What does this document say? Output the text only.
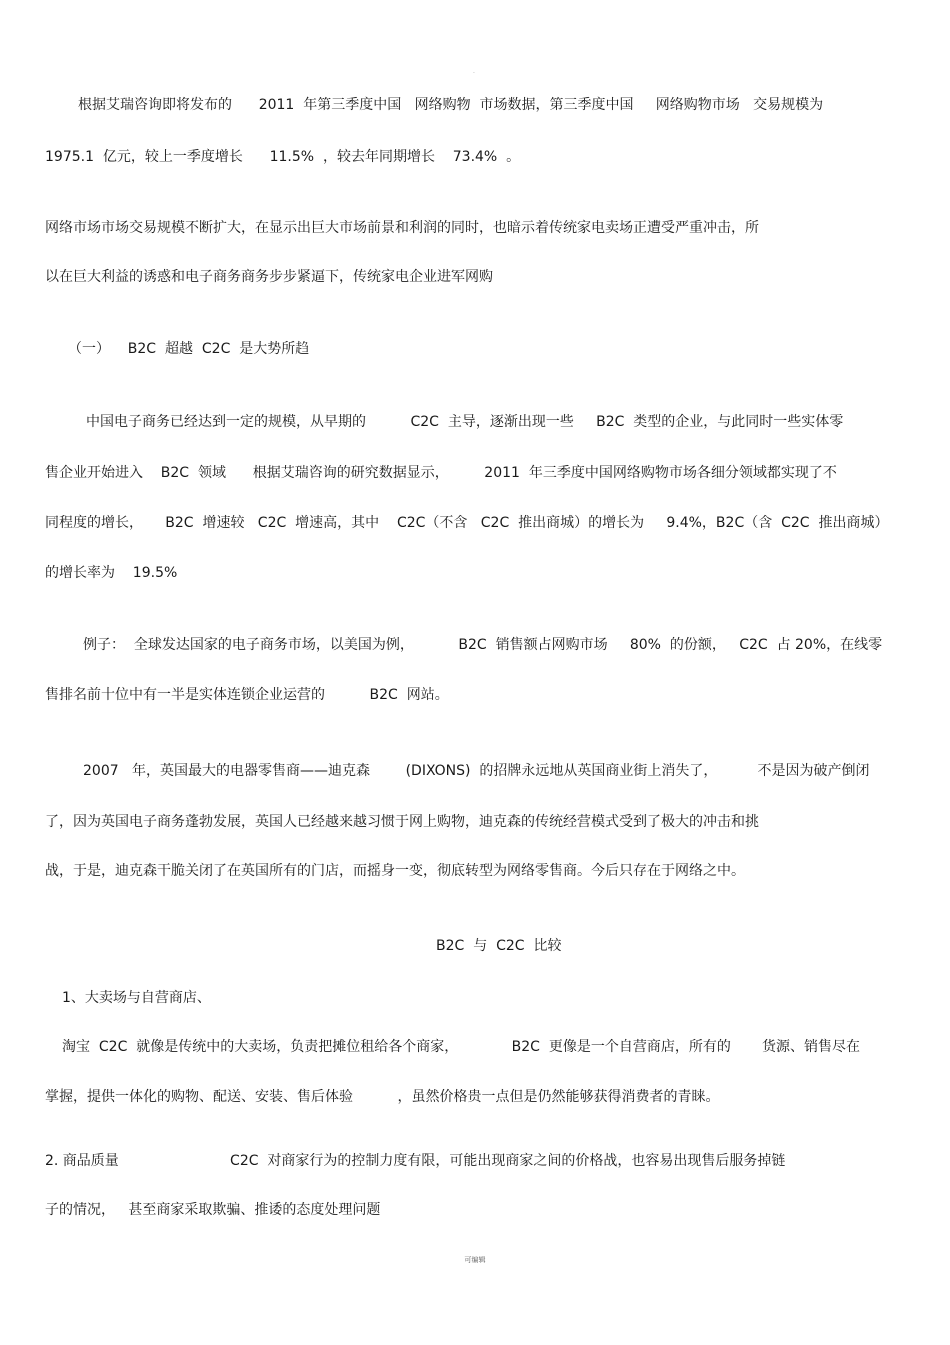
·
根据艾瑞咨询即将发布的      2011  年第三季度中国   网络购物  市场数据，第三季度中国     网络购物市场   交易规模为
1975.1  亿元，较上一季度增长      11.5%  ，较去年同期增长    73.4%  。
网络市场市场交易规模不断扩大，在显示出巨大市场前景和利润的同时，也暗示着传统家电卖场正遭受严重冲击，所
以在巨大利益的诱惑和电子商务商务步步紧逼下，传统家电企业进军网购
（一）    B2C  超越  C2C  是大势所趋
中国电子商务已经达到一定的规模，从早期的          C2C  主导，逐渐出现一些     B2C  类型的企业，与此同时一些实体零
售企业开始进入    B2C  领域      根据艾瑞咨询的研究数据显示，        2011  年三季度中国网络购物市场各细分领域都实现了不
同程度的增长，     B2C  增速较   C2C  增速高，其中    C2C（不含   C2C  推出商城）的增长为     9.4%，B2C（含  C2C  推出商城）
的增长率为    19.5%
例子：  全球发达国家的电子商务市场，以美国为例，          B2C  销售额占网购市场     80%  的份额，   C2C  占 20%，在线零
售排名前十位中有一半是实体连锁企业运营的          B2C  网站。
2007   年，英国最大的电器零售商——迪克森        (DIXONS)  的招牌永远地从英国商业街上消失了，         不是因为破产倒闭
了，因为英国电子商务蓬勃发展，英国人已经越来越习惯于网上购物，迪克森的传统经营模式受到了极大的冲击和挑
战，于是，迪克森干脆关闭了在英国所有的门店，而摇身一变，彻底转型为网络零售商。今后只存在于网络之中。
B2C  与  C2C  比较
1、大卖场与自营商店、
淘宝  C2C  就像是传统中的大卖场，负责把摊位租给各个商家，            B2C  更像是一个自营商店，所有的       货源、销售尽在
掌握，提供一体化的购物、配送、安装、售后体验          ，虽然价格贵一点但是仍然能够获得消费者的青睐。
2. 商品质量                         C2C  对商家行为的控制力度有限，可能出现商家之间的价格战，也容易出现售后服务掉链
子的情况，   甚至商家采取欺骗、推诿的态度处理问题
可编辑
